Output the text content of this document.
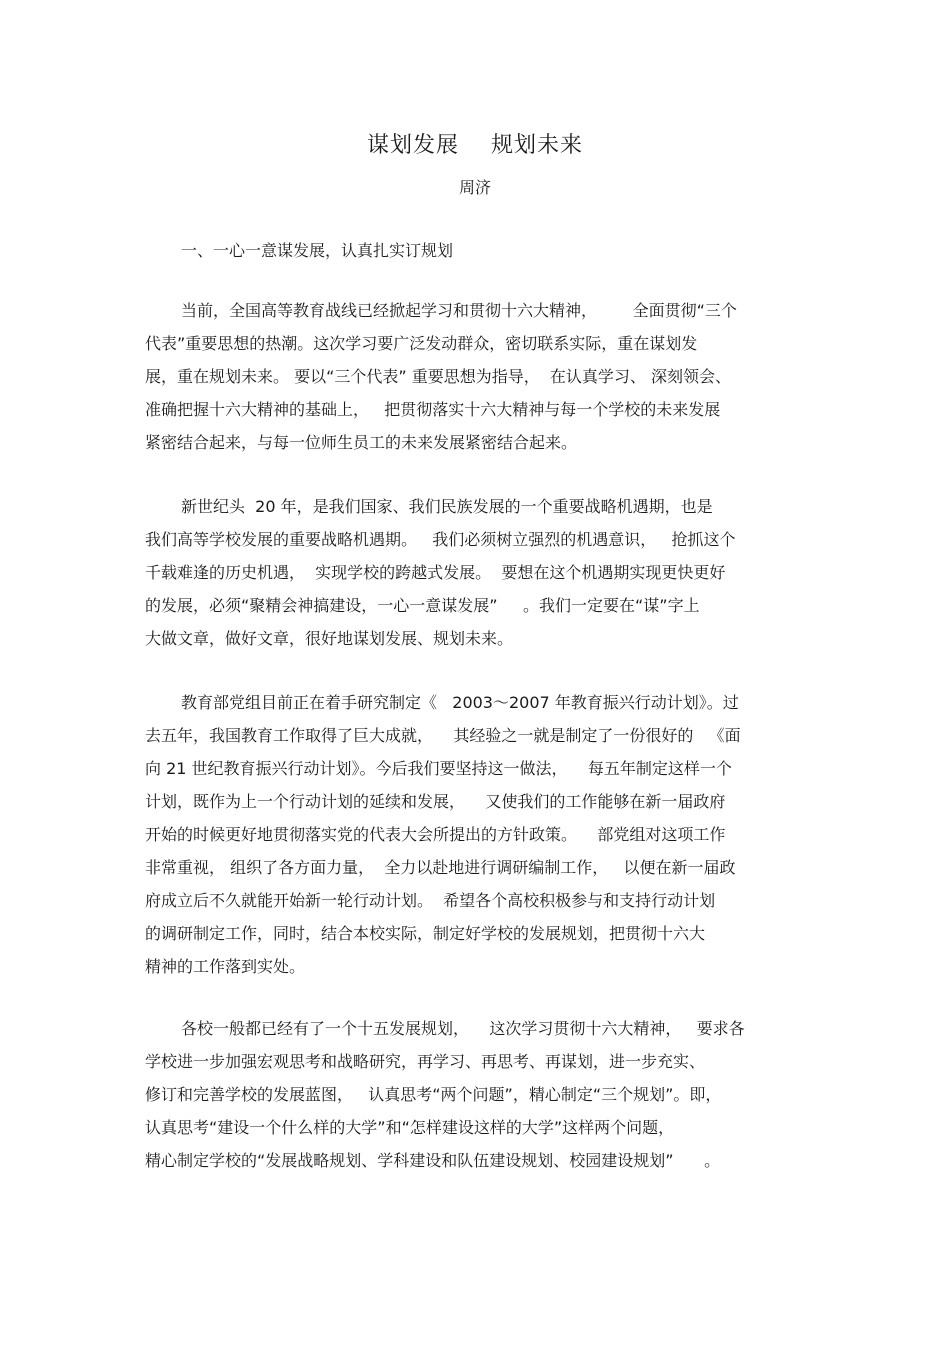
谋划发展    规划未来
周济
一、一心一意谋发展，认真扎实订规划
当前，全国高等教育战线已经掀起学习和贯彻十六大精神，       全面贯彻“三个
代表”重要思想的热潮。这次学习要广泛发动群众，密切联系实际，重在谋划发
展，重在规划未来。 要以“三个代表” 重要思想为指导，  在认真学习、 深刻领会、
准确把握十六大精神的基础上，   把贯彻落实十六大精神与每一个学校的未来发展
紧密结合起来，与每一位师生员工的未来发展紧密结合起来。
新世纪头  20 年，是我们国家、我们民族发展的一个重要战略机遇期，也是
我们高等学校发展的重要战略机遇期。   我们必须树立强烈的机遇意识，   抢抓这个
千载难逢的历史机遇，  实现学校的跨越式发展。  要想在这个机遇期实现更快更好
的发展，必须“聚精会神搞建设，一心一意谋发展”     。我们一定要在“谋”字上
大做文章，做好文章，很好地谋划发展、规划未来。
教育部党组目前正在着手研究制定《   2003～2007 年教育振兴行动计划》。过
去五年，我国教育工作取得了巨大成就，    其经验之一就是制定了一份很好的   《面
向 21 世纪教育振兴行动计划》。今后我们要坚持这一做法，    每五年制定这样一个
计划，既作为上一个行动计划的延续和发展，    又使我们的工作能够在新一届政府
开始的时候更好地贯彻落实党的代表大会所提出的方针政策。    部党组对这项工作
非常重视， 组织了各方面力量，  全力以赴地进行调研编制工作，   以便在新一届政
府成立后不久就能开始新一轮行动计划。  希望各个高校积极参与和支持行动计划
的调研制定工作，同时，结合本校实际，制定好学校的发展规划，把贯彻十六大
精神的工作落到实处。
各校一般都已经有了一个十五发展规划，    这次学习贯彻十六大精神，   要求各
学校进一步加强宏观思考和战略研究，再学习、再思考、再谋划，进一步充实、
修订和完善学校的发展蓝图，   认真思考“两个问题”，精心制定“三个规划”。即，
认真思考“建设一个什么样的大学”和“怎样建设这样的大学”这样两个问题，
精心制定学校的“发展战略规划、学科建设和队伍建设规划、校园建设规划”      。
